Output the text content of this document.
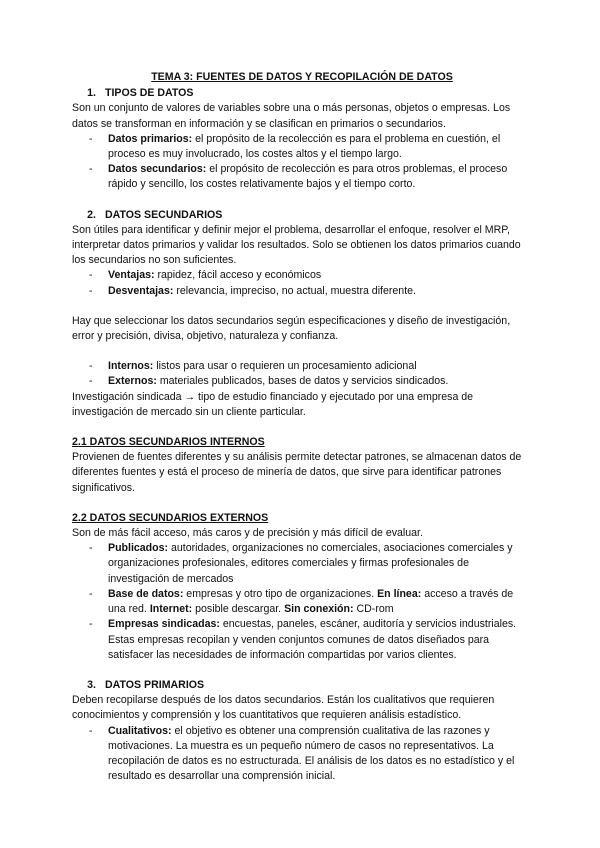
TEMA 3: FUENTES DE DATOS Y RECOPILACIÓN DE DATOS

1. TIPOS DE DATOS

Son un conjunto de valores de variables sobre una o más personas, objetos o empresas. Los datos se transforman en información y se clasifican en primarios o secundarios.

- Datos primarios: el propósito de la recolección es para el problema en cuestión, el proceso es muy involucrado, los costes altos y el tiempo largo.
- Datos secundarios: el propósito de recolección es para otros problemas, el proceso rápido y sencillo, los costes relativamente bajos y el tiempo corto.

2. DATOS SECUNDARIOS

Son útiles para identificar y definir mejor el problema, desarrollar el enfoque, resolver el MRP, interpretar datos primarios y validar los resultados. Solo se obtienen los datos primarios cuando los secundarios no son suficientes.

- Ventajas: rapidez, fácil acceso y económicos
- Desventajas: relevancia, impreciso, no actual, muestra diferente.

Hay que seleccionar los datos secundarios según especificaciones y diseño de investigación, error y precisión, divisa, objetivo, naturaleza y confianza.

- Internos: listos para usar o requieren un procesamiento adicional
- Externos: materiales publicados, bases de datos y servicios sindicados.

Investigación sindicada → tipo de estudio financiado y ejecutado por una empresa de investigación de mercado sin un cliente particular.

2.1 DATOS SECUNDARIOS INTERNOS

Provienen de fuentes diferentes y su análisis permite detectar patrones, se almacenan datos de diferentes fuentes y está el proceso de minería de datos, que sirve para identificar patrones significativos.

2.2 DATOS SECUNDARIOS EXTERNOS

Son de más fácil acceso, más caros y de precisión y más difícil de evaluar.

- Publicados: autoridades, organizaciones no comerciales, asociaciones comerciales y organizaciones profesionales, editores comerciales y firmas profesionales de investigación de mercados
- Base de datos: empresas y otro tipo de organizaciones. En línea: acceso a través de una red. Internet: posible descargar. Sin conexión: CD-rom
- Empresas sindicadas: encuestas, paneles, escáner, auditoría y servicios industriales. Estas empresas recopilan y venden conjuntos comunes de datos diseñados para satisfacer las necesidades de información compartidas por varios clientes.

3. DATOS PRIMARIOS

Deben recopilarse después de los datos secundarios. Están los cualitativos que requieren conocimientos y comprensión y los cuantitativos que requieren análisis estadístico.

- Cualitativos: el objetivo es obtener una comprensión cualitativa de las razones y motivaciones. La muestra es un pequeño número de casos no representativos. La recopilación de datos es no estructurada. El análisis de los datos es no estadístico y el resultado es desarrollar una comprensión inicial.
